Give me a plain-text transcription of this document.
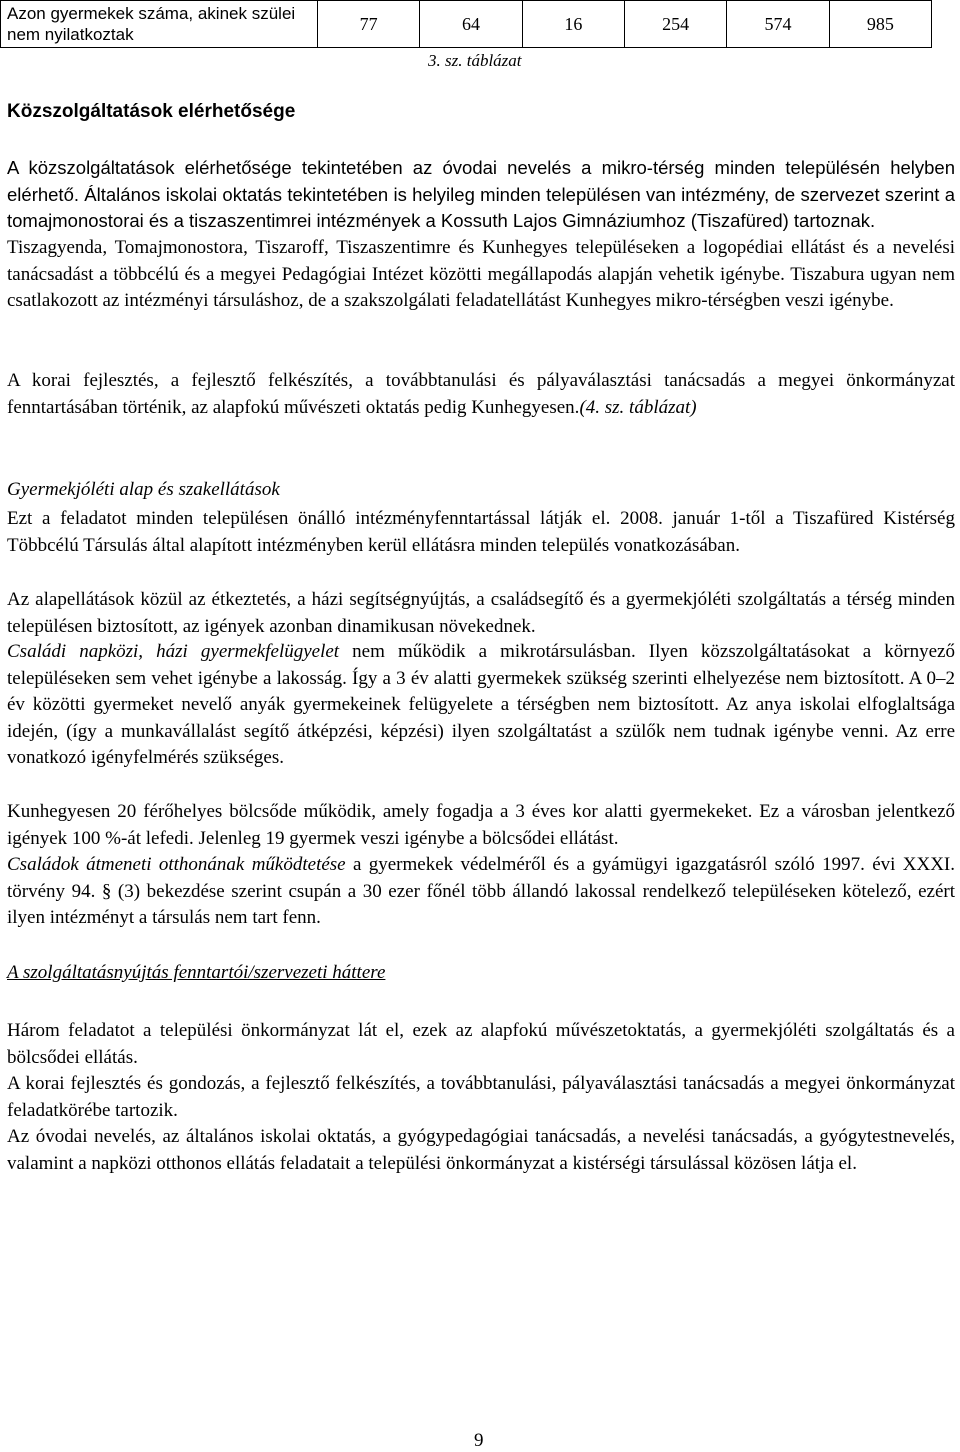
Azon gyermekek száma, akinek szülei nem nyilatkoztak	77	64	16	254	574	985
3. sz. táblázat
Közszolgáltatások elérhetősége
A közszolgáltatások elérhetősége tekintetében az óvodai nevelés a mikro-térség minden településén helyben elérhető. Általános iskolai oktatás tekintetében is helyileg minden településen van intézmény, de szervezet szerint a tomajmonostorai és a tiszaszentimrei intézmények a Kossuth Lajos Gimnáziumhoz (Tiszafüred) tartoznak.
Tiszagyenda, Tomajmonostora, Tiszaroff, Tiszaszentimre és Kunhegyes településeken a logopédiai ellátást és a nevelési tanácsadást a többcélú és a megyei Pedagógiai Intézet közötti megállapodás alapján vehetik igénybe. Tiszabura ugyan nem csatlakozott az intézményi társuláshoz, de a szakszolgálati feladatellátást Kunhegyes mikro-térségben veszi igénybe.
A korai fejlesztés, a fejlesztő felkészítés, a továbbtanulási és pályaválasztási tanácsadás a megyei önkormányzat fenntartásában történik, az alapfokú művészeti oktatás pedig Kunhegyesen.(4. sz. táblázat)
Gyermekjóléti alap és szakellátások
Ezt a feladatot minden településen önálló intézményfenntartással látják el. 2008. január 1-től a Tiszafüred Kistérség Többcélú Társulás által alapított intézményben kerül ellátásra minden település vonatkozásában.
Az alapellátások közül az étkeztetés, a házi segítségnyújtás, a családsegítő és a gyermekjóléti szolgáltatás a térség minden településen biztosított, az igények azonban dinamikusan növekednek.
Családi napközi, házi gyermekfelügyelet nem működik a mikrotársulásban. Ilyen közszolgáltatásokat a környező településeken sem vehet igénybe a lakosság. Így a 3 év alatti gyermekek szükség szerinti elhelyezése nem biztosított. A 0–2 év közötti gyermeket nevelő anyák gyermekeinek felügyelete a térségben nem biztosított. Az anya iskolai elfoglaltsága idején, (így a munkavállalást segítő átképzési, képzési) ilyen szolgáltatást a szülők nem tudnak igénybe venni. Az erre vonatkozó igényfelmérés szükséges.
Kunhegyesen 20 férőhelyes bölcsőde működik, amely fogadja a 3 éves kor alatti gyermekeket. Ez a városban jelentkező igények 100 %-át lefedi. Jelenleg 19 gyermek veszi igénybe a bölcsődei ellátást.
Családok átmeneti otthonának működtetése a gyermekek védelméről és a gyámügyi igazgatásról szóló 1997. évi XXXI. törvény 94. § (3) bekezdése szerint csupán a 30 ezer főnél több állandó lakossal rendelkező településeken kötelező, ezért ilyen intézményt a társulás nem tart fenn.
A szolgáltatásnyújtás fenntartói/szervezeti háttere
Három feladatot a települési önkormányzat lát el, ezek az alapfokú művészetoktatás, a gyermekjóléti szolgáltatás és a bölcsődei ellátás.
A korai fejlesztés és gondozás, a fejlesztő felkészítés, a továbbtanulási, pályaválasztási tanácsadás a megyei önkormányzat feladatkörébe tartozik.
Az óvodai nevelés, az általános iskolai oktatás, a gyógypedagógiai tanácsadás, a nevelési tanácsadás, a gyógytestnevelés, valamint a napközi otthonos ellátás feladatait a települési önkormányzat a kistérségi társulással közösen látja el.
9
